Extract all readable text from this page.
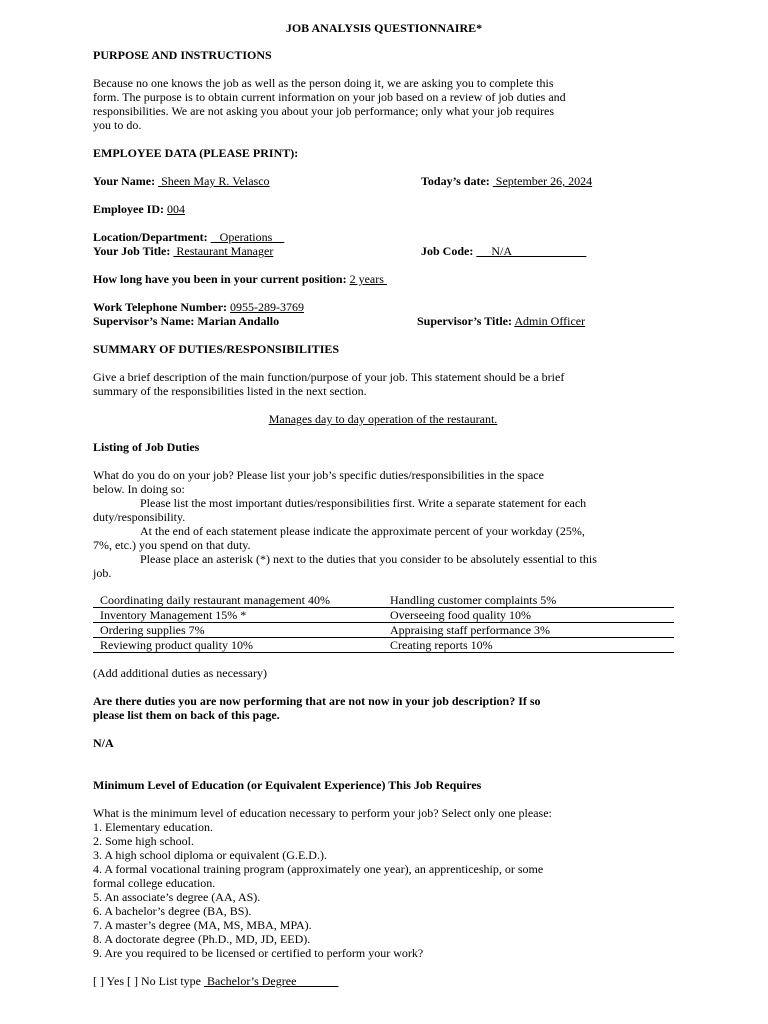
JOB ANALYSIS QUESTIONNAIRE*
PURPOSE AND INSTRUCTIONS
Because no one knows the job as well as the person doing it, we are asking you to complete this
form. The purpose is to obtain current information on your job based on a review of job duties and
responsibilities. We are not asking you about your job performance; only what your job requires
you to do.
EMPLOYEE DATA (PLEASE PRINT):
Your Name:  Sheen May R. Velasco	Today’s date:  September 26, 2024
Employee ID: 004
Location/Department:    Operations
Your Job Title:  Restaurant Manager	Job Code:      N/A
How long have you been in your current position: 2 years
Work Telephone Number: 0955-289-3769
Supervisor’s Name: Marian Andallo	Supervisor’s Title: Admin Officer
SUMMARY OF DUTIES/RESPONSIBILITIES
Give a brief description of the main function/purpose of your job. This statement should be a brief
summary of the responsibilities listed in the next section.
Manages day to day operation of the restaurant.
Listing of Job Duties
What do you do on your job? Please list your job’s specific duties/responsibilities in the space
below. In doing so:
Please list the most important duties/responsibilities first. Write a separate statement for each
duty/responsibility.
At the end of each statement please indicate the approximate percent of your workday (25%,
7%, etc.) you spend on that duty.
Please place an asterisk (*) next to the duties that you consider to be absolutely essential to this
job.
Coordinating daily restaurant management 40%	Handling customer complaints 5%
Inventory Management 15% *	Overseeing food quality 10%
Ordering supplies 7%	Appraising staff performance 3%
Reviewing product quality 10%	Creating reports 10%
(Add additional duties as necessary)
Are there duties you are now performing that are not now in your job description? If so
please list them on back of this page.
N/A
Minimum Level of Education (or Equivalent Experience) This Job Requires
What is the minimum level of education necessary to perform your job? Select only one please:
1. Elementary education.
2. Some high school.
3. A high school diploma or equivalent (G.E.D.).
4. A formal vocational training program (approximately one year), an apprenticeship, or some
formal college education.
5. An associate’s degree (AA, AS).
6. A bachelor’s degree (BA, BS).
7. A master’s degree (MA, MS, MBA, MPA).
8. A doctorate degree (Ph.D., MD, JD, EED).
9. Are you required to be licensed or certified to perform your work?
[ ] Yes [ ] No List type  Bachelor’s Degree
